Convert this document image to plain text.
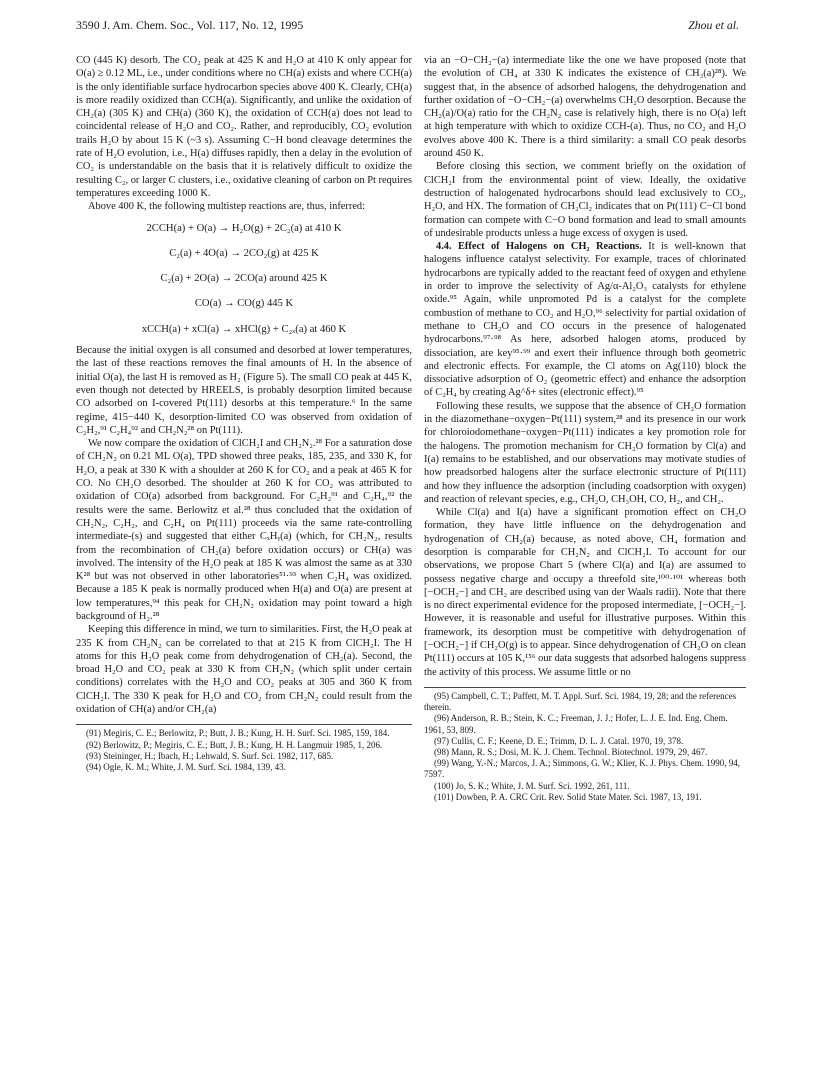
3590 J. Am. Chem. Soc., Vol. 117, No. 12, 1995	Zhou et al.

CO (445 K) desorb. The CO₂ peak at 425 K and H₂O at 410 K only appear for O(a) ≥ 0.12 ML, i.e., under conditions where no CH(a) exists and where CCH(a) is the only identifiable surface hydrocarbon species above 400 K. Clearly, CH(a) is more readily oxidized than CCH(a). Significantly, and unlike the oxidation of CH₂(a) (305 K) and CH(a) (360 K), the oxidation of CCH(a) does not lead to coincidental release of H₂O and CO₂. Rather, and reproducibly, CO₂ evolution trails H₂O by about 15 K (~3 s). Assuming C−H bond cleavage determines the rate of H₂O evolution, i.e., H(a) diffuses rapidly, then a delay in the evolution of CO₂ is understandable on the basis that it is relatively difficult to oxidize the resulting C₂, or larger C clusters, i.e., oxidative cleaning of carbon on Pt requires temperatures exceeding 1000 K.

Above 400 K, the following multistep reactions are, thus, inferred:

2CCH(a) + O(a) → H₂O(g) + 2C₂(a) at 410 K
C₂(a) + 4O(a) → 2CO₂(g) at 425 K
C₂(a) + 2O(a) → 2CO(a) around 425 K
CO(a) → CO(g) 445 K
xCCH(a) + xCl(a) → xHCl(g) + C₂ₓ(a) at 460 K

Because the initial oxygen is all consumed and desorbed at lower temperatures, the last of these reactions removes the final amounts of H. In the absence of initial O(a), the last H is removed as H₂ (Figure 5). The small CO peak at 445 K, even though not detected by HREELS, is probably desorption limited because CO adsorbed on I-covered Pt(111) desorbs at this temperature.⁶ In the same regime, 415−440 K, desorption-limited CO was observed from oxidation of C₂H₂,⁹¹ C₂H₄⁹² and CH₂N₂²⁸ on Pt(111).

We now compare the oxidation of ClCH₂I and CH₂N₂.²⁸ For a saturation dose of CH₂N₂ on 0.21 ML O(a), TPD showed three peaks, 185, 235, and 330 K, for H₂O, a peak at 330 K with a shoulder at 260 K for CO₂ and a peak at 465 K for CO. No CH₂O desorbed. The shoulder at 260 K for CO₂ was attributed to oxidation of CO(a) adsorbed from background. For C₂H₂⁹¹ and C₂H₄,⁹² the results were the same. Berlowitz et al.²⁸ thus concluded that the oxidation of CH₂N₂, C₂H₂, and C₂H₄ on Pt(111) proceeds via the same rate-controlling intermediate-(s) and suggested that either CₓHᵧ(a) (which, for CH₂N₂, results from the recombination of CH₂(a) before oxidation occurs) or CH(a) was involved. The intensity of the H₂O peak at 185 K was almost the same as at 330 K²⁸ but was not observed in other laboratories⁵¹·⁹³ when C₂H₄ was oxidized. Because a 185 K peak is normally produced when H(a) and O(a) are present at low temperatures,⁹⁴ this peak for CH₂N₂ oxidation may point toward a high background of H₂.²⁸

Keeping this difference in mind, we turn to similarities. First, the H₂O peak at 235 K from CH₂N₂ can be correlated to that at 215 K from ClCH₂I. The H atoms for this H₂O peak come from dehydrogenation of CH₂(a). Second, the broad H₂O and CO₂ peak at 330 K from CH₂N₂ (which split under certain conditions) correlates with the H₂O and CO₂ peaks at 305 and 360 K from ClCH₂I. The 330 K peak for H₂O and CO₂ from CH₂N₂ could result from the oxidation of CH(a) and/or CH₂(a)

(91) Megiris, C. E.; Berlowitz, P.; Butt, J. B.; Kung, H. H. Surf. Sci. 1985, 159, 184.
(92) Berlowitz, P.; Megiris, C. E.; Butt, J. B.; Kung, H. H. Langmuir 1985, 1, 206.
(93) Steininger, H.; Ibach, H.; Lehwald, S. Surf. Sci. 1982, 117, 685.
(94) Ogle, K. M.; White, J. M. Surf. Sci. 1984, 139, 43.

via an −O−CH₂−(a) intermediate like the one we have proposed (note that the evolution of CH₄ at 330 K indicates the existence of CH₃(a)²⁸). We suggest that, in the absence of adsorbed halogens, the dehydrogenation and further oxidation of −O−CH₂−(a) overwhelms CH₂O desorption. Because the CH₂(a)/O(a) ratio for the CH₂N₂ case is relatively high, there is no O(a) left at high temperature with which to oxidize CCH-(a). Thus, no CO₂ and H₂O evolves above 400 K. There is a third similarity: a small CO peak desorbs around 450 K.

Before closing this section, we comment briefly on the oxidation of ClCH₂I from the environmental point of view. Ideally, the oxidative destruction of halogenated hydrocarbons should lead exclusively to CO₂, H₂O, and HX. The formation of CH₂Cl₂ indicates that on Pt(111) C−Cl bond formation can compete with C−O bond formation and lead to small amounts of undesirable products unless a huge excess of oxygen is used.

4.4. Effect of Halogens on CH₂ Reactions. It is well-known that halogens influence catalyst selectivity. For example, traces of chlorinated hydrocarbons are typically added to the reactant feed of oxygen and ethylene in order to improve the selectivity of Ag/α-Al₂O₃ catalysts for ethylene oxide.⁹⁵ Again, while unpromoted Pd is a catalyst for the complete combustion of methane to CO₂ and H₂O,⁹⁶ selectivity for partial oxidation of methane to CH₂O and CO occurs in the presence of halogenated hydrocarbons.⁹⁷·⁹⁸ As here, adsorbed halogen atoms, produced by dissociation, are key⁹⁵·⁹⁹ and exert their influence through both geometric and electronic effects. For example, the Cl atoms on Ag(110) block the dissociative adsorption of O₂ (geometric effect) and enhance the adsorption of C₂H₄ by creating Ag^δ+ sites (electronic effect).⁹⁵

Following these results, we suppose that the absence of CH₂O formation in the diazomethane−oxygen−Pt(111) system,²⁸ and its presence in our work for chloroiodomethane−oxygen−Pt(111) indicates a key promotion role for the halogens. The promotion mechanism for CH₂O formation by Cl(a) and I(a) remains to be established, and our observations may motivate studies of how preadsorbed halogens alter the surface electronic structure of Pt(111) and how they influence the adsorption (including coadsorption with oxygen) and reaction of relevant species, e.g., CH₂O, CH₃OH, CO, H₂, and CH₂.

While Cl(a) and I(a) have a significant promotion effect on CH₂O formation, they have little influence on the dehydrogenation and hydrogenation of CH₂(a) because, as noted above, CH₄ formation and desorption is comparable for CH₂N₂ and ClCH₂I. To account for our observations, we propose Chart 5 (where Cl(a) and I(a) are assumed to possess negative charge and occupy a threefold site,¹⁰⁰·¹⁰¹ whereas both [−OCH₂−] and CH₂ are described using van der Waals radii). Note that there is no direct experimental evidence for the proposed intermediate, [−OCH₂−]. However, it is reasonable and useful for illustrative purposes. Within this framework, its desorption must be competitive with dehydrogenation of [−OCH₂−] if CH₂O(g) is to appear. Since dehydrogenation of CH₂O on clean Pt(111) occurs at 105 K,¹⁵⁶ our data suggests that adsorbed halogens suppress the activity of this process. We assume little or no

(95) Campbell, C. T.; Paffett, M. T. Appl. Surf. Sci. 1984, 19, 28; and the references therein.
(96) Anderson, R. B.; Stein, K. C.; Freeman, J. J.; Hofer, L. J. E. Ind. Eng. Chem. 1961, 53, 809.
(97) Cullis, C. F.; Keene, D. E.; Trimm, D. L. J. Catal. 1970, 19, 378.
(98) Mann, R. S.; Dosi, M. K. J. Chem. Technol. Biotechnol. 1979, 29, 467.
(99) Wang, Y.-N.; Marcos, J. A.; Simmons, G. W.; Klier, K. J. Phys. Chem. 1990, 94, 7597.
(100) Jo, S. K.; White, J. M. Surf. Sci. 1992, 261, 111.
(101) Dowben, P. A. CRC Crit. Rev. Solid State Mater. Sci. 1987, 13, 191.
